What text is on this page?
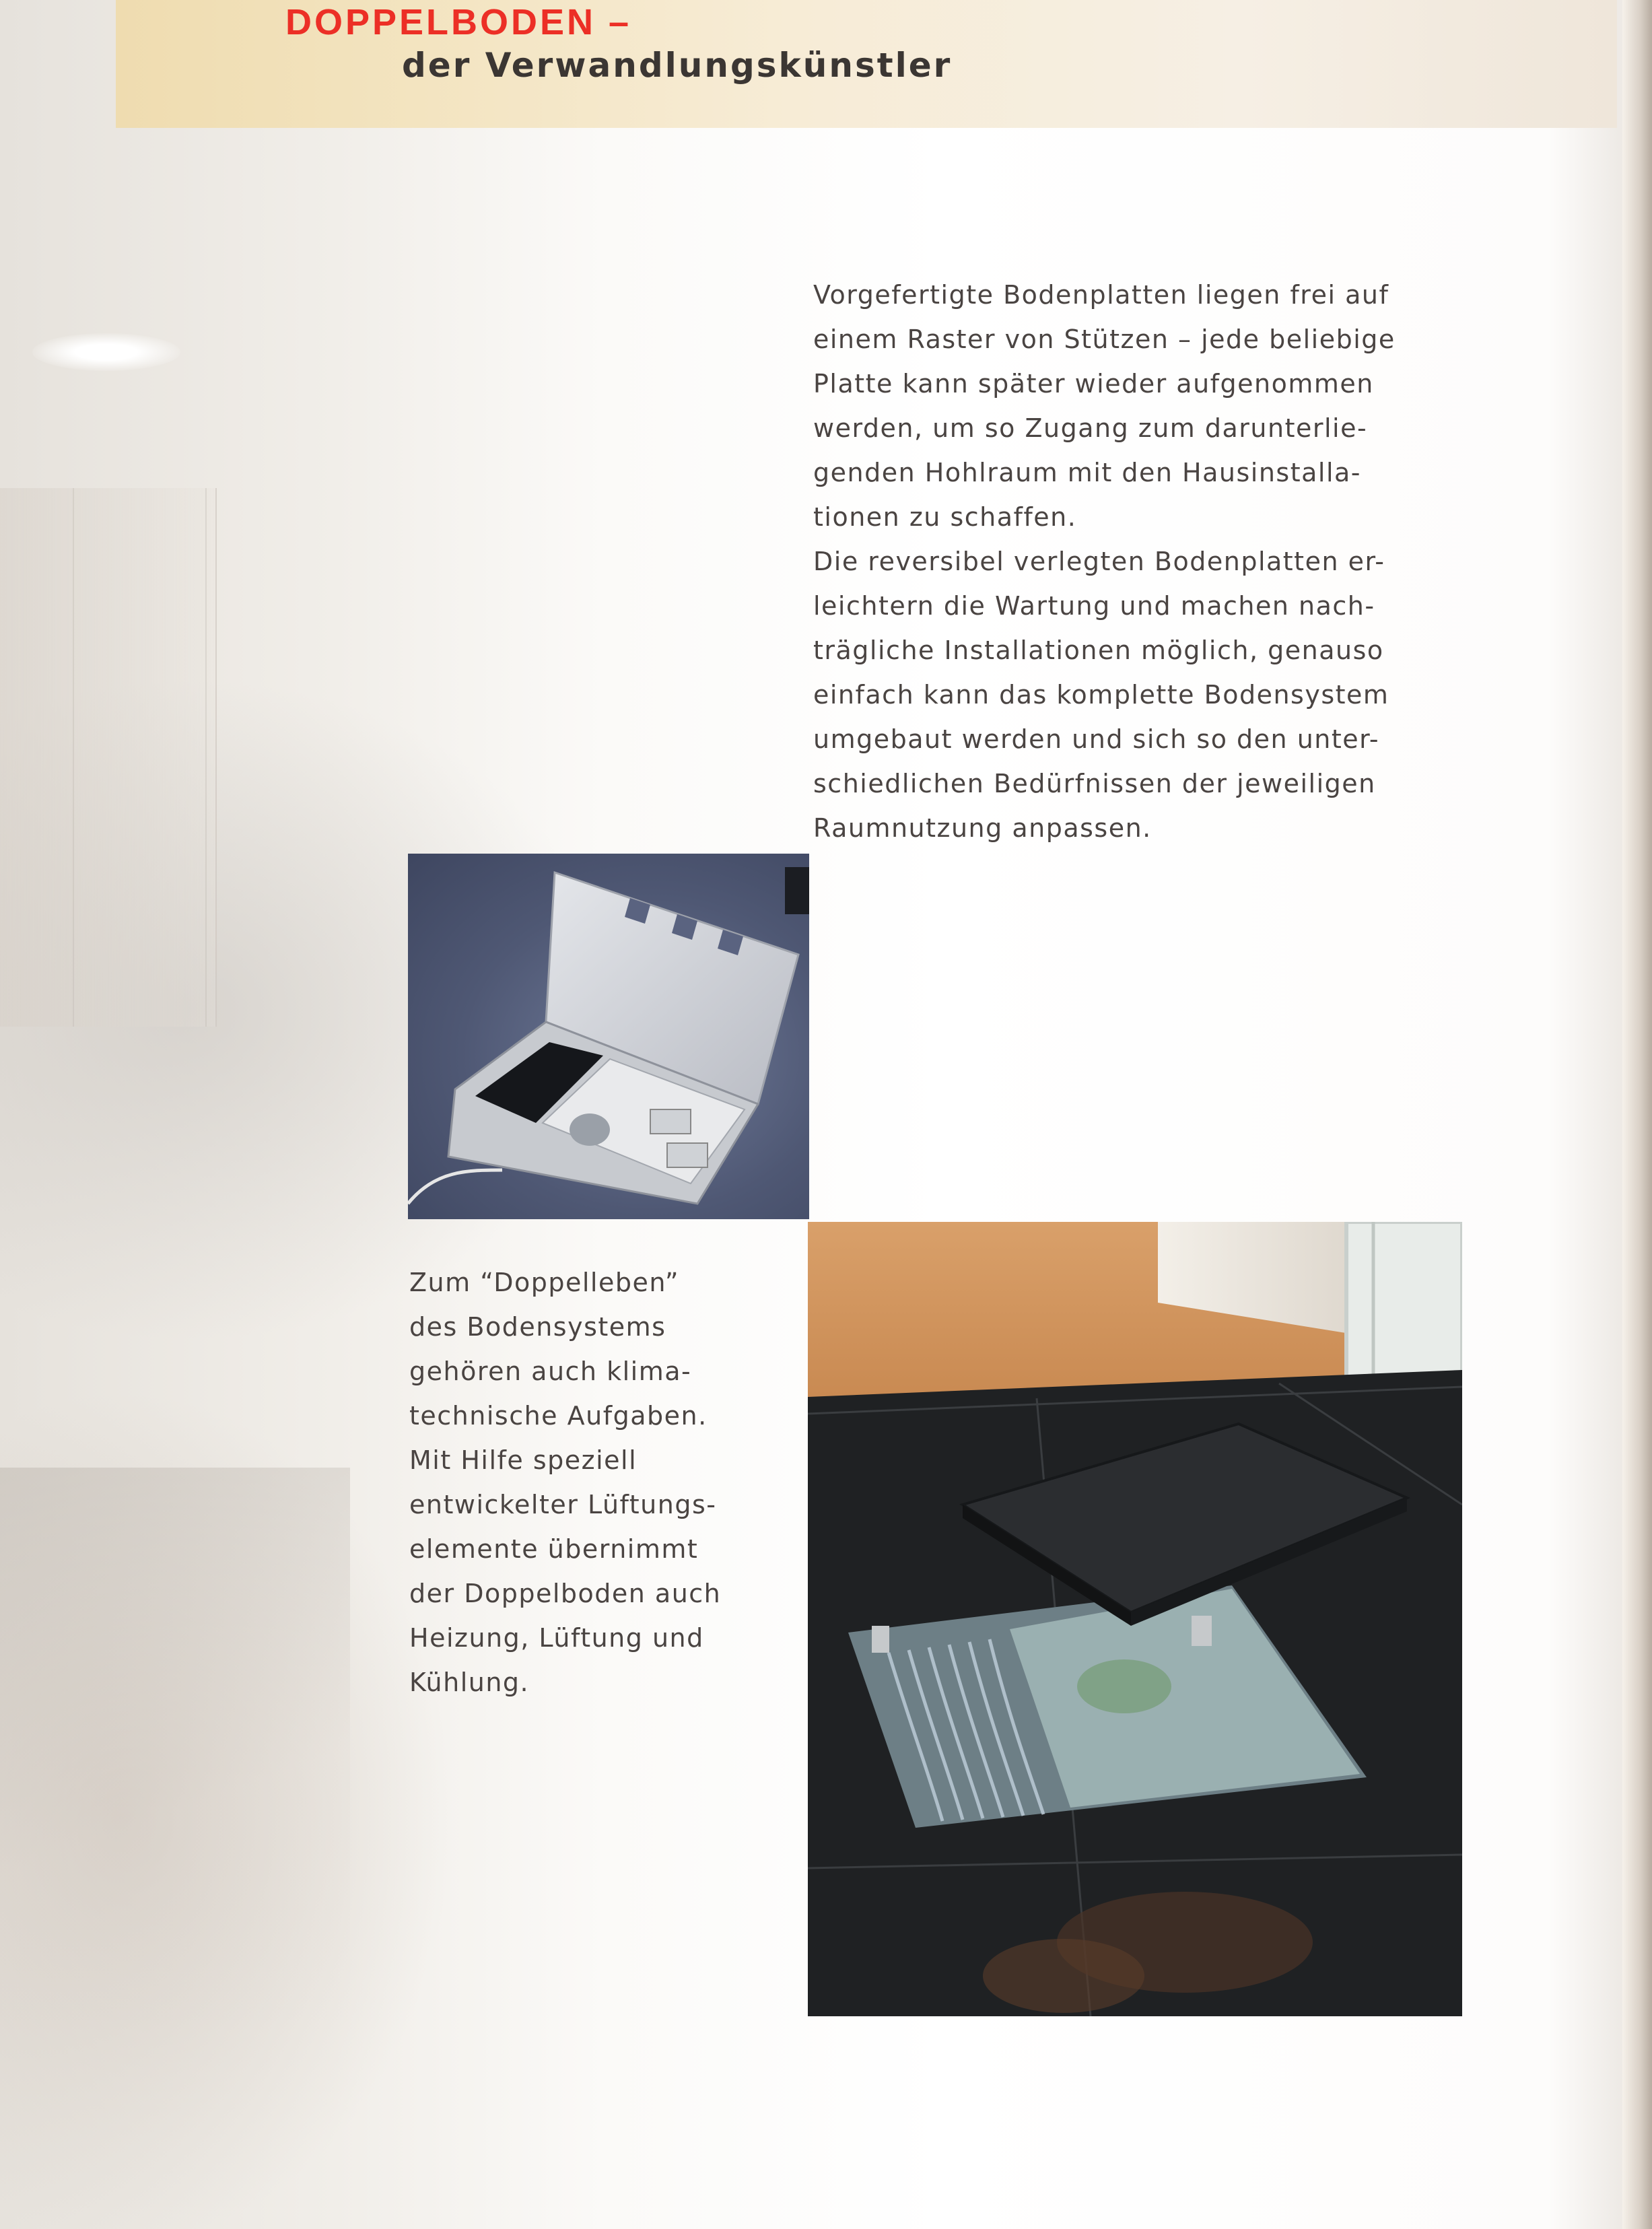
DOPPELBODEN –
der Verwandlungskünstler

Vorgefertigte Bodenplatten liegen frei auf
einem Raster von Stützen – jede beliebige
Platte kann später wieder aufgenommen
werden, um so Zugang zum darunterlie-
genden Hohlraum mit den Hausinstalla-
tionen zu schaffen.
Die reversibel verlegten Bodenplatten er-
leichtern die Wartung und machen nach-
trägliche Installationen möglich, genauso
einfach kann das komplette Bodensystem
umgebaut werden und sich so den unter-
schiedlichen Bedürfnissen der jeweiligen
Raumnutzung anpassen.

Zum “Doppelleben”
des Bodensystems
gehören auch klima-
technische Aufgaben.
Mit Hilfe speziell
entwickelter Lüftungs-
elemente übernimmt
der Doppelboden auch
Heizung, Lüftung und
Kühlung.
